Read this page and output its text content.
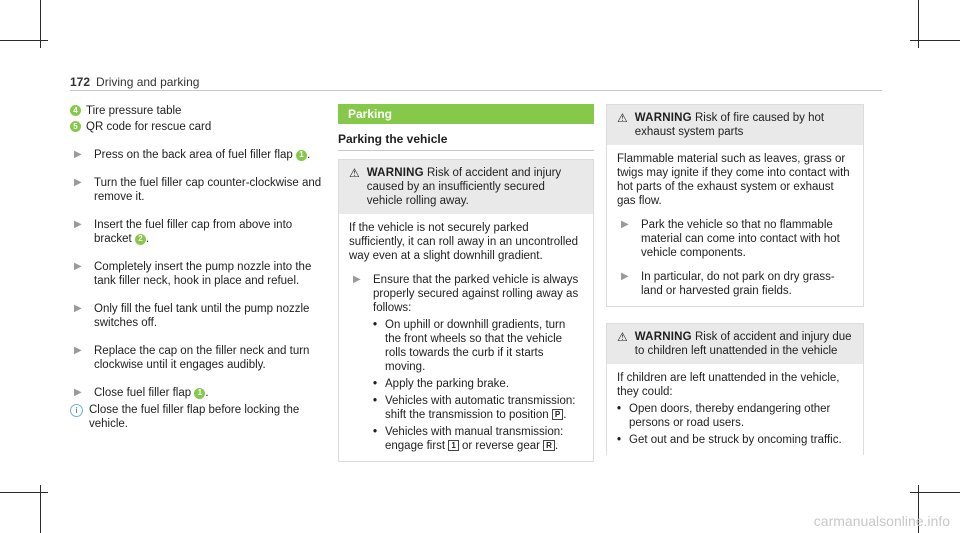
172 Driving and parking
4 Tire pressure table
5 QR code for rescue card
▶	Press on the back area of fuel filler flap 1 .

▶	Turn the fuel filler cap counter-clockwise and remove it.

▶	Insert the fuel filler cap from above into bracket 2 .

▶	Completely insert the pump nozzle into the tank filler neck, hook in place and refuel.

▶	Only fill the fuel tank until the pump nozzle switches off.

▶	Replace the cap on the filler neck and turn clockwise until it engages audibly.

▶	Close fuel filler flap 1 .

i Close the fuel filler flap before locking the vehicle.

Parking
Parking the vehicle
⚠ WARNING Risk of accident and injury caused by an insufficiently secured vehicle rolling away.

If the vehicle is not securely parked sufficiently, it can roll away in an uncontrolled way even at a slight downhill gradient.

▶	Ensure that the parked vehicle is always properly secured against rolling away as follows:

• On uphill or downhill gradients, turn the front wheels so that the vehicle rolls towards the curb if it starts moving.

• Apply the parking brake.

• Vehicles with automatic transmission: shift the transmission to position P .

• Vehicles with manual transmission: engage first 1 or reverse gear R .

⚠ WARNING Risk of fire caused by hot exhaust system parts

Flammable material such as leaves, grass or twigs may ignite if they come into contact with hot parts of the exhaust system or exhaust gas flow.

▶	Park the vehicle so that no flammable material can come into contact with hot vehicle components.

▶	In particular, do not park on dry grass-land or harvested grain fields.

⚠ WARNING Risk of accident and injury due to children left unattended in the vehicle

If children are left unattended in the vehicle, they could:

• Open doors, thereby endangering other persons or road users.

• Get out and be struck by oncoming traffic.

carmanualsonline.info
